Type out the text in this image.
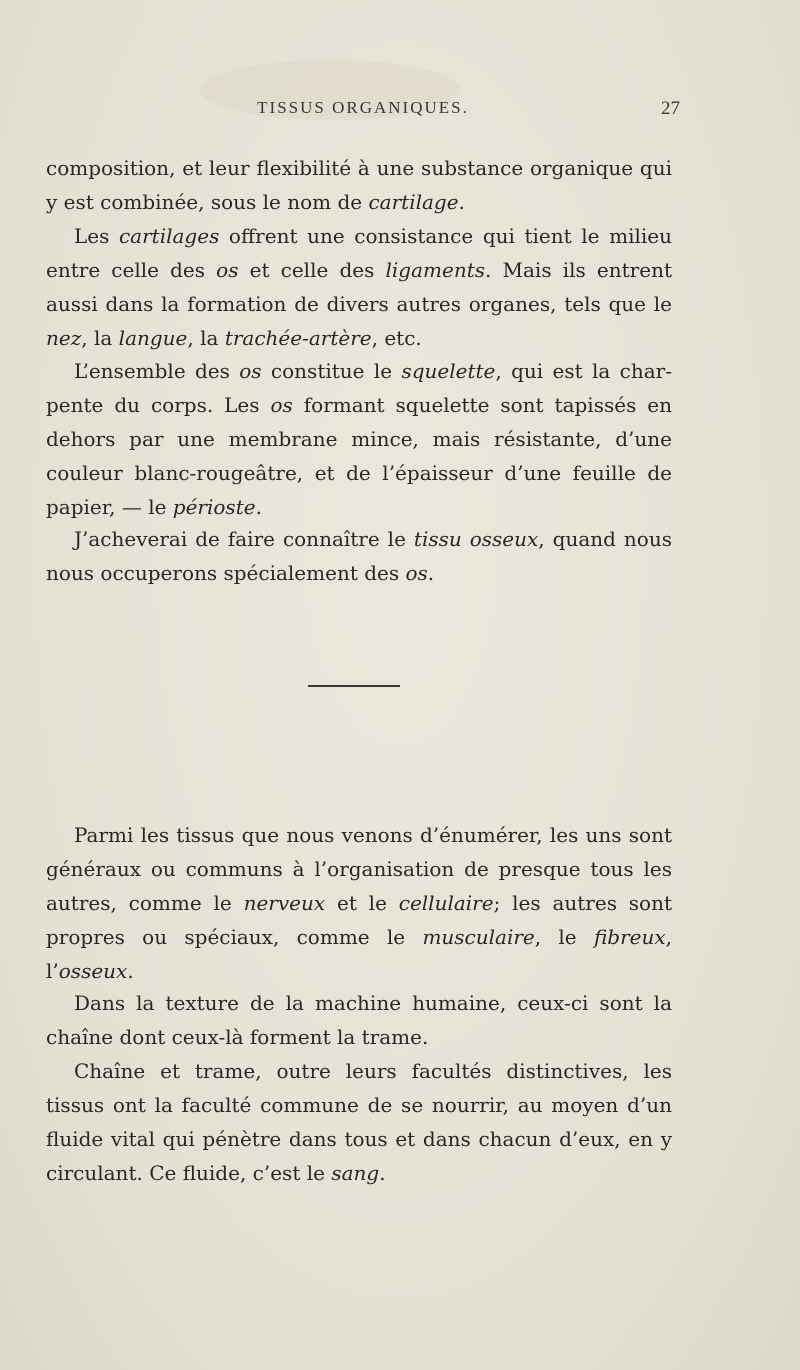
TISSUS ORGANIQUES.	27

composition, et leur flexibilité à une substance organique qui y est combinée, sous le nom de cartilage.

Les cartilages offrent une consistance qui tient le milieu entre celle des os et celle des ligaments. Mais ils entrent aussi dans la formation de divers autres organes, tels que le nez, la langue, la trachée-artère, etc.

L’ensemble des os constitue le squelette, qui est la char- pente du corps. Les os formant squelette sont tapissés en dehors par une membrane mince, mais résistante, d’une couleur blanc-rougeâtre, et de l’épaisseur d’une feuille de papier, — le périoste.

J’acheverai de faire connaître le tissu osseux, quand nous nous occuperons spécialement des os.

Parmi les tissus que nous venons d’énumérer, les uns sont généraux ou communs à l’organisation de presque tous les autres, comme le nerveux et le cellulaire; les autres sont propres ou spéciaux, comme le musculaire, le fibreux, l’osseux.

Dans la texture de la machine humaine, ceux-ci sont la chaîne dont ceux-là forment la trame.

Chaîne et trame, outre leurs facultés distinctives, les tissus ont la faculté commune de se nourrir, au moyen d’un fluide vital qui pénètre dans tous et dans chacun d’eux, en y circulant. Ce fluide, c’est le sang.
